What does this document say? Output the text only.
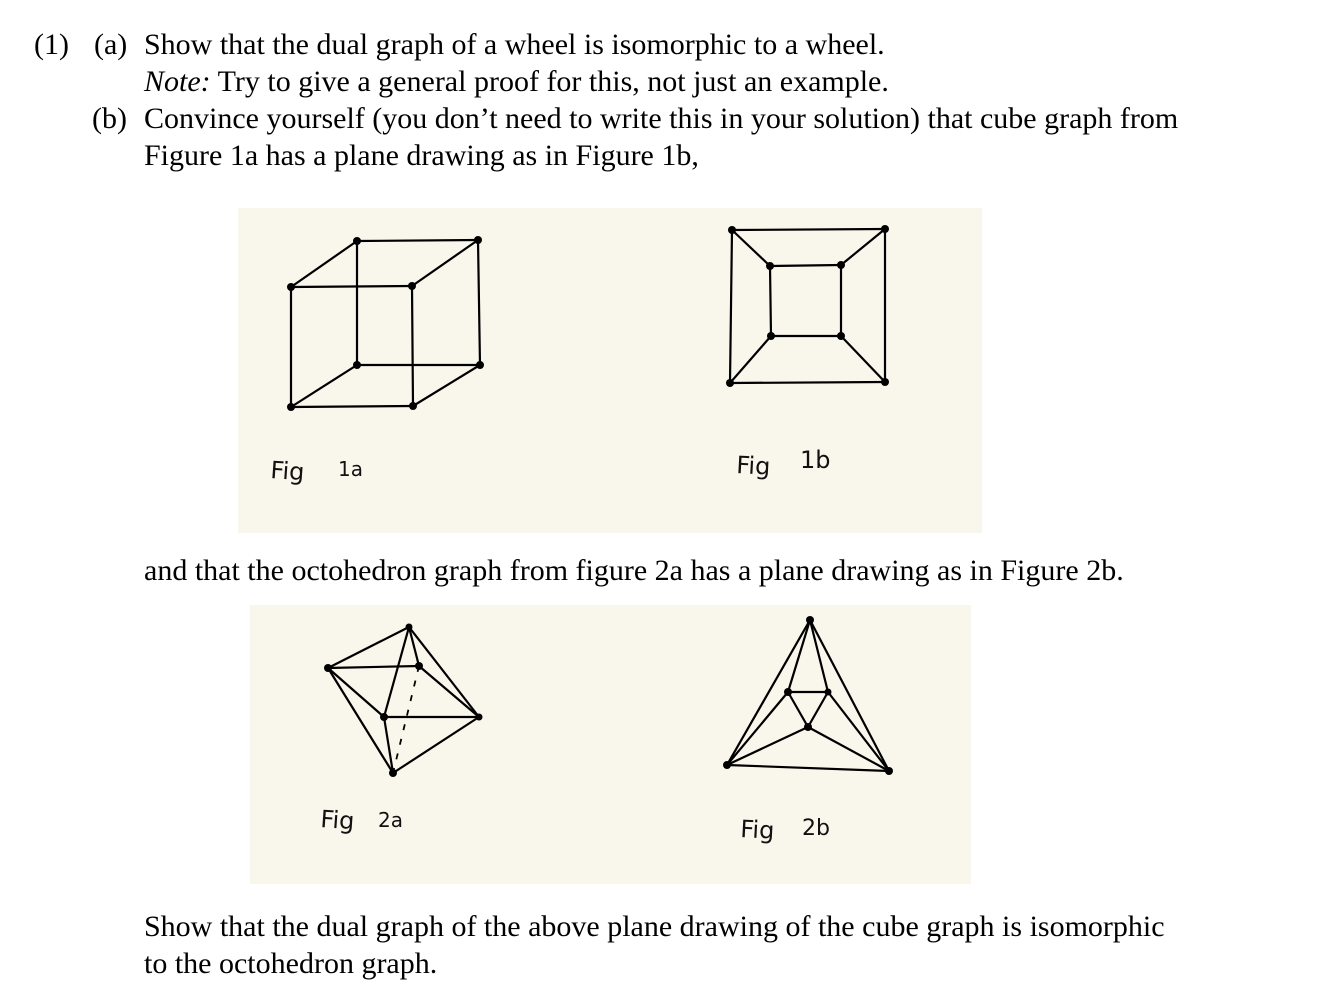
(1) (a) Show that the dual graph of a wheel is isomorphic to a wheel.
Note: Try to give a general proof for this, not just an example.
(b) Convince yourself (you don’t need to write this in your solution) that cube graph from
Figure 1a has a plane drawing as in Figure 1b,
Fig 1a	Fig 1b
and that the octohedron graph from figure 2a has a plane drawing as in Figure 2b.
Fig 2a	Fig 2b
Show that the dual graph of the above plane drawing of the cube graph is isomorphic
to the octohedron graph.
